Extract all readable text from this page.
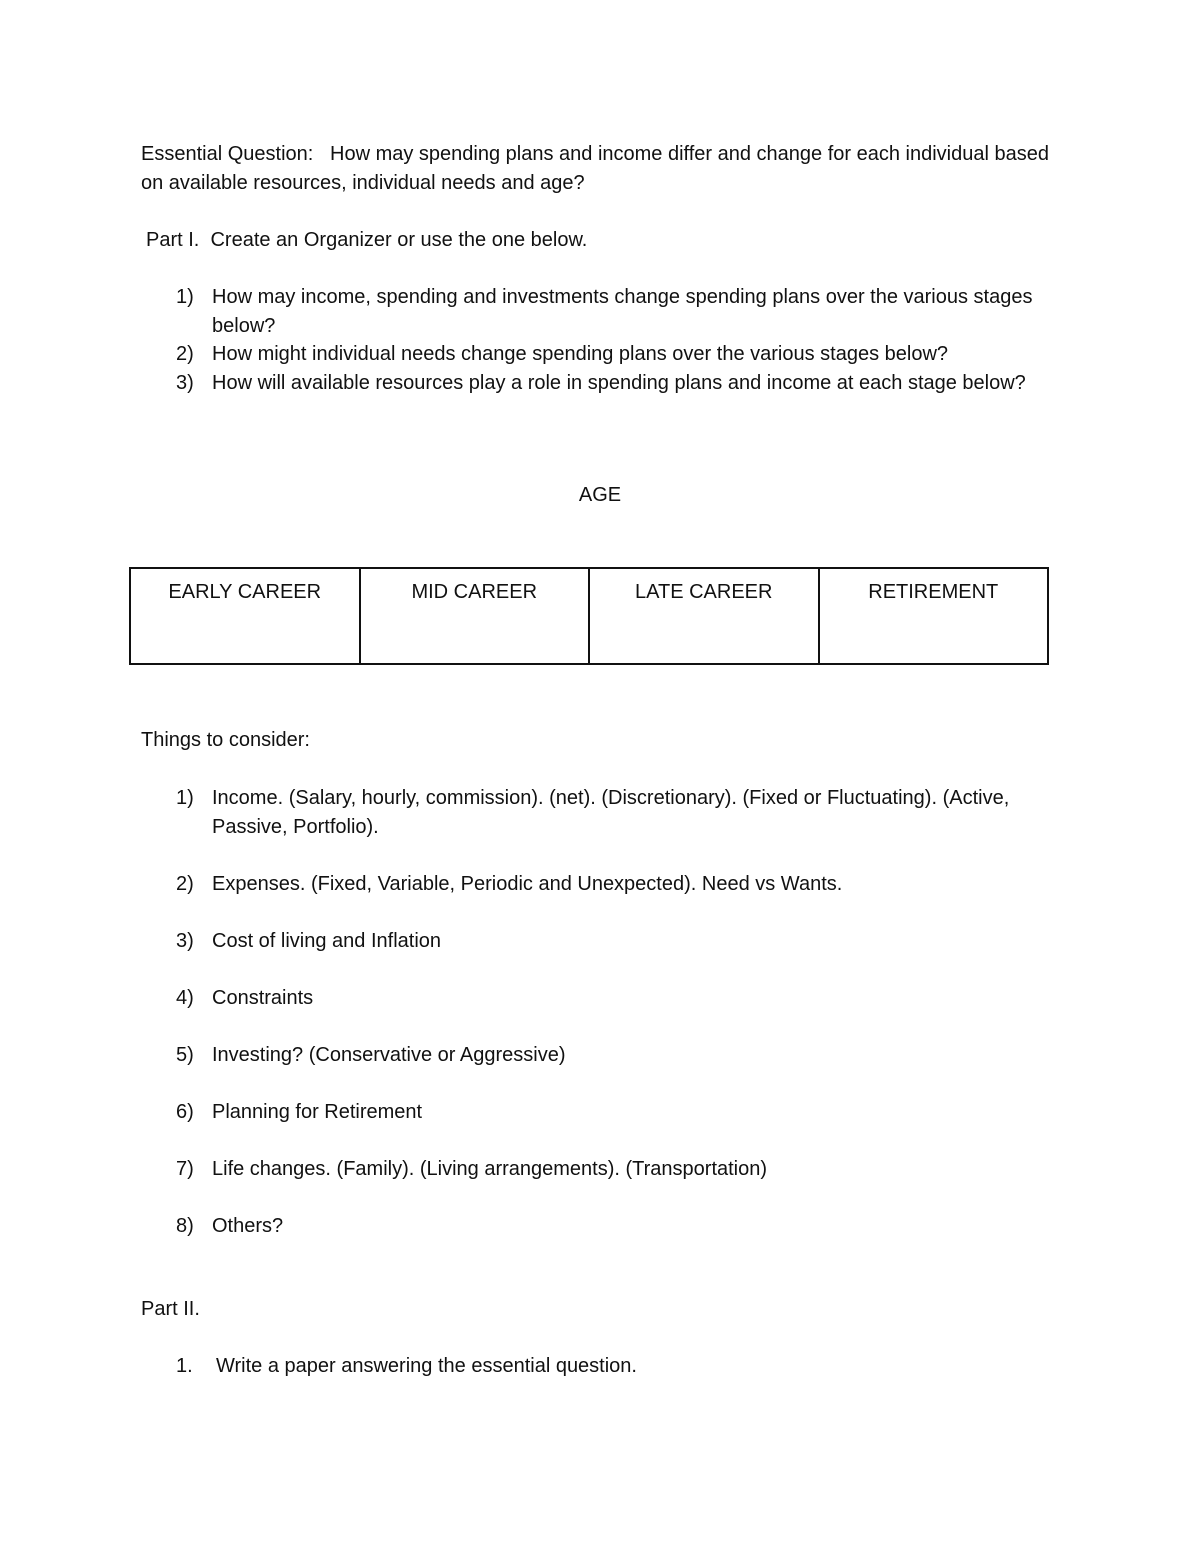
Essential Question: How may spending plans and income differ and change for each individual based on available resources, individual needs and age?

Part I.  Create an Organizer or use the one below.

1) How may income, spending and investments change spending plans over the various stages below?
2) How might individual needs change spending plans over the various stages below?
3) How will available resources play a role in spending plans and income at each stage below?

AGE

EARLY CAREER	MID CAREER	LATE CAREER	RETIREMENT

Things to consider:

1) Income. (Salary, hourly, commission). (net). (Discretionary). (Fixed or Fluctuating). (Active, Passive, Portfolio).
2) Expenses. (Fixed, Variable, Periodic and Unexpected). Need vs Wants.
3) Cost of living and Inflation
4) Constraints
5) Investing? (Conservative or Aggressive)
6) Planning for Retirement
7) Life changes. (Family). (Living arrangements). (Transportation)
8) Others?

Part II.

1. Write a paper answering the essential question.
